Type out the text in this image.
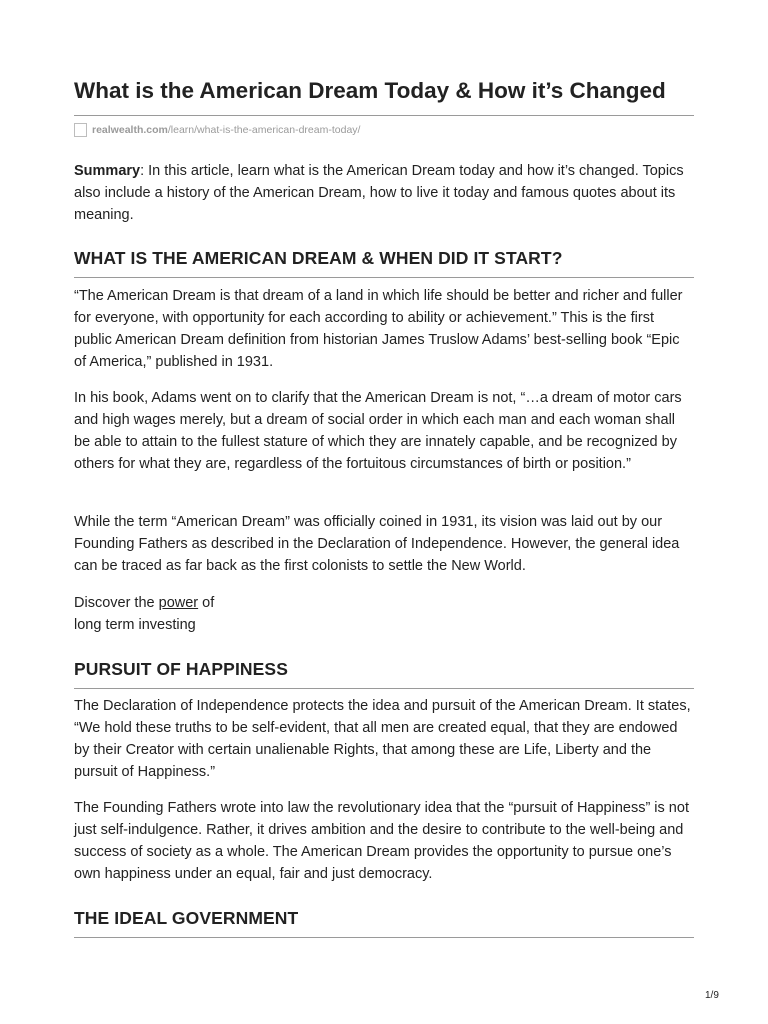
What is the American Dream Today & How it’s Changed
realwealth.com/learn/what-is-the-american-dream-today/

Summary: In this article, learn what is the American Dream today and how it’s changed. Topics also include a history of the American Dream, how to live it today and famous quotes about its meaning.

WHAT IS THE AMERICAN DREAM & WHEN DID IT START?

“The American Dream is that dream of a land in which life should be better and richer and fuller for everyone, with opportunity for each according to ability or achievement.” This is the first public American Dream definition from historian James Truslow Adams’ best-selling book “Epic of America,” published in 1931.

In his book, Adams went on to clarify that the American Dream is not, “…a dream of motor cars and high wages merely, but a dream of social order in which each man and each woman shall be able to attain to the fullest stature of which they are innately capable, and be recognized by others for what they are, regardless of the fortuitous circumstances of birth or position.”

While the term “American Dream” was officially coined in 1931, its vision was laid out by our Founding Fathers as described in the Declaration of Independence. However, the general idea can be traced as far back as the first colonists to settle the New World.

Discover the power of
long term investing

PURSUIT OF HAPPINESS

The Declaration of Independence protects the idea and pursuit of the American Dream. It states, “We hold these truths to be self-evident, that all men are created equal, that they are endowed by their Creator with certain unalienable Rights, that among these are Life, Liberty and the pursuit of Happiness.”

The Founding Fathers wrote into law the revolutionary idea that the “pursuit of Happiness” is not just self-indulgence. Rather, it drives ambition and the desire to contribute to the well-being and success of society as a whole. The American Dream provides the opportunity to pursue one’s own happiness under an equal, fair and just democracy.

THE IDEAL GOVERNMENT
1/9
